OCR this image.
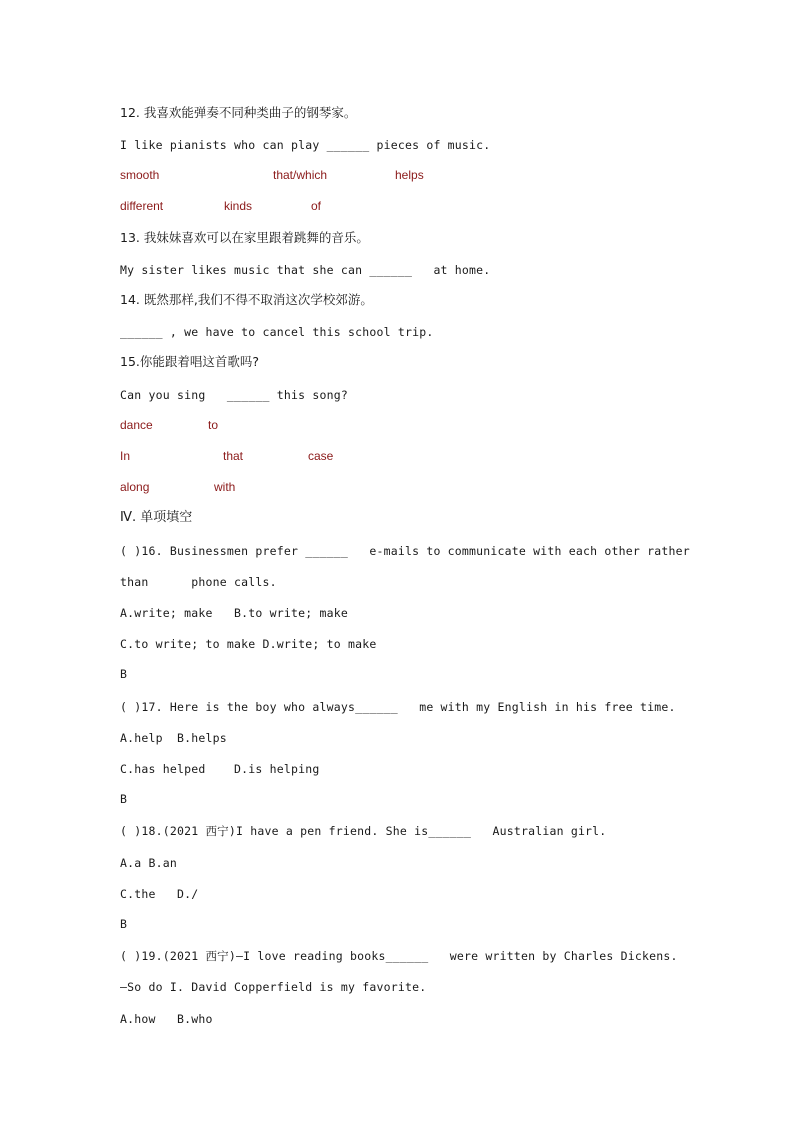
12. 我喜欢能弹奏不同种类曲子的钢琴家。
I like pianists who can play ______ pieces of music.
smooth	that/which	helps
different	kinds	of
13. 我妹妹喜欢可以在家里跟着跳舞的音乐。
My sister likes music that she can ______   at home.
14. 既然那样,我们不得不取消这次学校郊游。
______ , we have to cancel this school trip.
15.你能跟着唱这首歌吗?
Can you sing   ______ this song?
dance	to
In	that	case
along	with
Ⅳ. 单项填空
( )16. Businessmen prefer ______   e-mails to communicate with each other rather
than      phone calls.
A.write; make   B.to write; make
C.to write; to make D.write; to make
B
( )17. Here is the boy who always______   me with my English in his free time.
A.help  B.helps
C.has helped    D.is helping
B
( )18.(2021 西宁)I have a pen friend. She is______   Australian girl.
A.a B.an
C.the   D./
B
( )19.(2021 西宁)—I love reading books______   were written by Charles Dickens.
—So do I. David Copperfield is my favorite.
A.how   B.who
